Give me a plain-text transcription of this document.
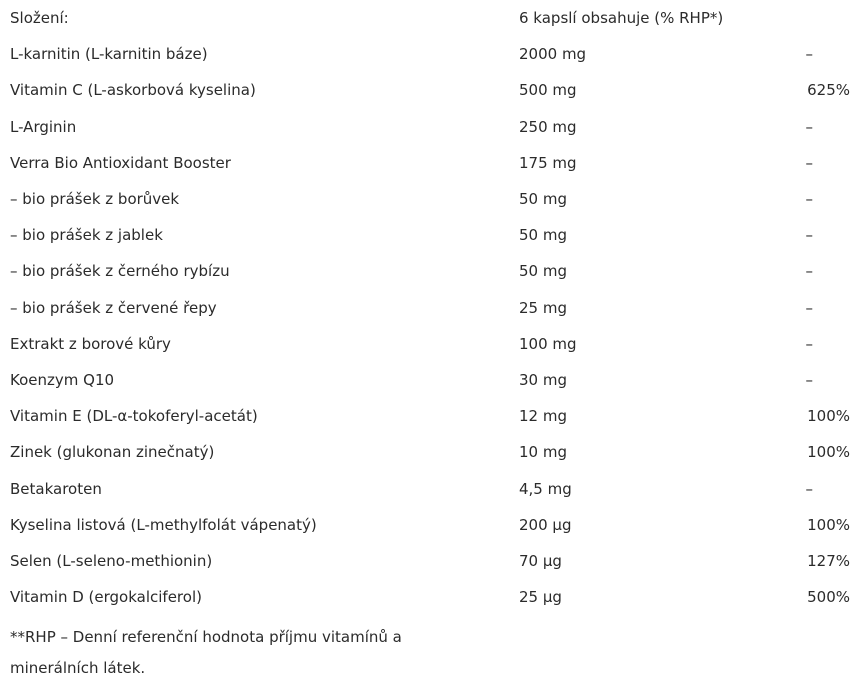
Složení:	6 kapslí obsahuje (% RHP*)	
L-karnitin (L-karnitin báze)	2000 mg	–
Vitamin C (L-askorbová kyselina)	500 mg	625%
L-Arginin	250 mg	–
Verra Bio Antioxidant Booster	175 mg	–
– bio prášek z borůvek	50 mg	–
– bio prášek z jablek	50 mg	–
– bio prášek z černého rybízu	50 mg	–
– bio prášek z červené řepy	25 mg	–
Extrakt z borové kůry	100 mg	–
Koenzym Q10	30 mg	–
Vitamin E (DL-α-tokoferyl-acetát)	12 mg	100%
Zinek (glukonan zinečnatý)	10 mg	100%
Betakaroten	4,5 mg	–
Kyselina listová (L-methylfolát vápenatý)	200 μg	100%
Selen (L-seleno-methionin)	70 μg	127%
Vitamin D (ergokalciferol)	25 μg	500%
**RHP – Denní referenční hodnota příjmu vitamínů a
minerálních látek.
